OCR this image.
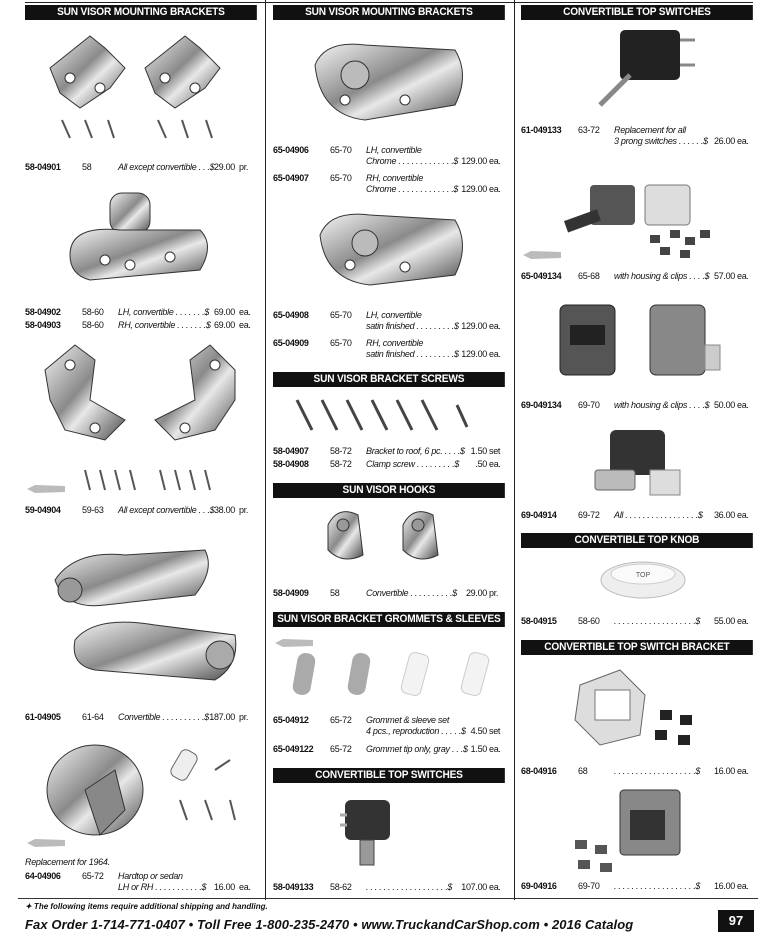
SUN VISOR MOUNTING BRACKETS
58-04901 58	All except convertible . . .$ 29.00 pr.
58-04902 58-60 LH, convertible . . . . . . .$ 69.00 ea.
58-04903 58-60 RH, convertible . . . . . . .$ 69.00 ea.
59-04904 59-63 All except convertible . . .$ 38.00 pr.
61-04905 61-64 Convertible . . . . . . . . . .$ 187.00 pr.
Replacement for 1964.
64-04906 65-72 Hardtop or sedan
LH or RH . . . . . . . . . . .$ 16.00 ea.
SUN VISOR MOUNTING BRACKETS
65-04906 65-70 LH, convertible
Chrome . . . . . . . . . . . . .$ 129.00 ea.
65-04907 65-70 RH, convertible
Chrome . . . . . . . . . . . . .$ 129.00 ea.
65-04908 65-70 LH, convertible
satin finished . . . . . . . . .$ 129.00 ea.
65-04909 65-70 RH, convertible
satin finished . . . . . . . . .$ 129.00 ea.
SUN VISOR BRACKET SCREWS
58-04907 58-72 Bracket to roof, 6 pc. . . . .$ 1.50 set
58-04908 58-72 Clamp screw . . . . . . . . .$	.50 ea.
SUN VISOR HOOKS
58-04909 58	Convertible . . . . . . . . . .$	29.00 pr.
SUN VISOR BRACKET GROMMETS & SLEEVES
65-04912 65-72 Grommet & sleeve set
4 pcs., reproduction . . . . .$ 4.50 set
65-049122 65-72 Grommet tip only, gray . . .$ 1.50 ea.
CONVERTIBLE TOP SWITCHES
58-049133 58-62 . . . . . . . . . . . . . . . . . . .$	107.00 ea.
CONVERTIBLE TOP SWITCHES
61-049133 63-72 Replacement for all
3 prong switches . . . . . .$ 26.00 ea.
65-049134 65-68 with housing & clips . . . .$ 57.00 ea.
69-049134 69-70 with housing & clips . . . .$ 50.00 ea.
69-04914 69-72 All . . . . . . . . . . . . . . . . .$	36.00 ea.
CONVERTIBLE TOP KNOB
TOP
58-04915 58-60 . . . . . . . . . . . . . . . . . . .$	55.00 ea.
CONVERTIBLE TOP SWITCH BRACKET
68-04916 68	. . . . . . . . . . . . . . . . . . .$	16.00 ea.
69-04916 69-70 . . . . . . . . . . . . . . . . . . .$	16.00 ea.
✦ The following items require additional shipping and handling.
Fax Order 1-714-771-0407 • Toll Free 1-800-235-2470 • www.TruckandCarShop.com • 2016 Catalog	97
